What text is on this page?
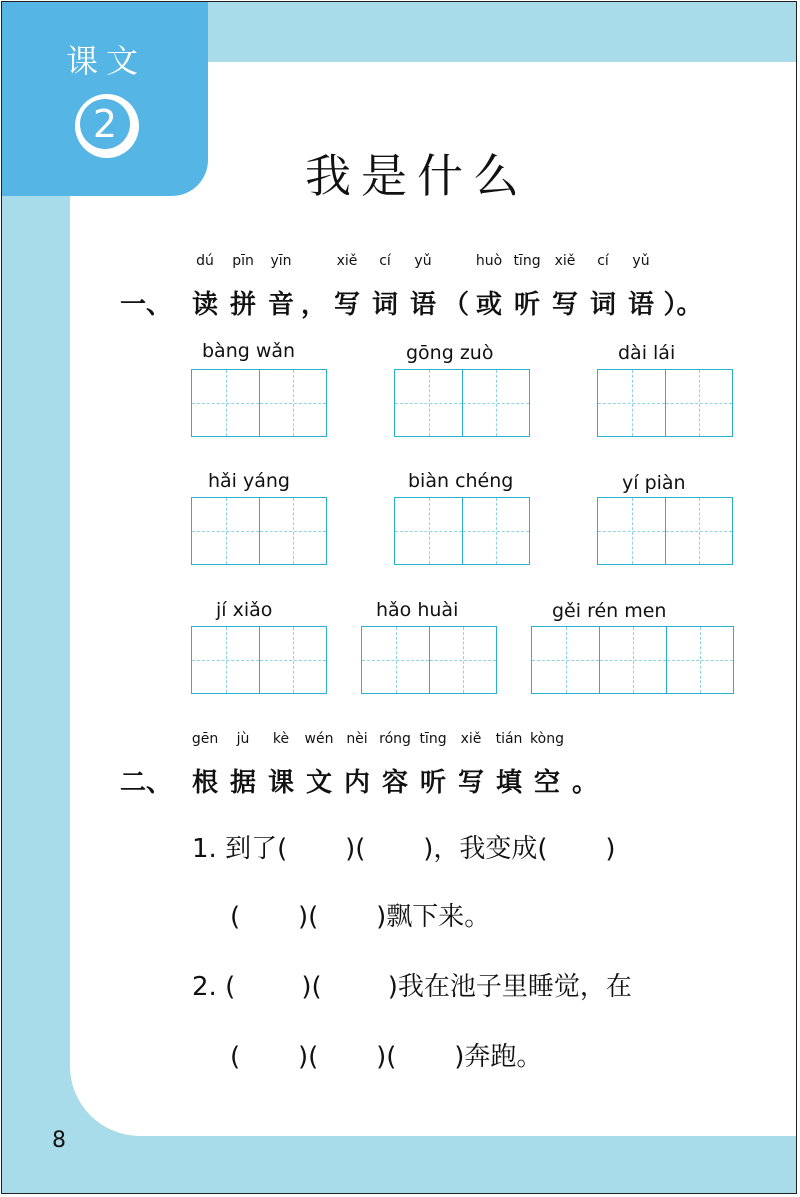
课文
2
我是什么
一、
dú
读
pīn
拼
yīn
音 ，
xiě
写
cí
词
yǔ
语 （
huò
或
tīng
听
xiě
写
cí
词
yǔ
语 ）。
bàng wǎn	gōng zuò	dài lái
hǎi yáng	biàn chéng	yí piàn
jí xiǎo	hǎo huài	gěi rén men
二、
gēn
根
jù
据
kè
课
wén
文
nèi
内
róng
容
tīng
听
xiě
写
tián
填
kòng
空 。
1. 到了(       )(       )，我变成(       )
(       )(       )飘下来。
2. (        )(        )我在池子里睡觉，在
(       )(       )(       )奔跑。
8
